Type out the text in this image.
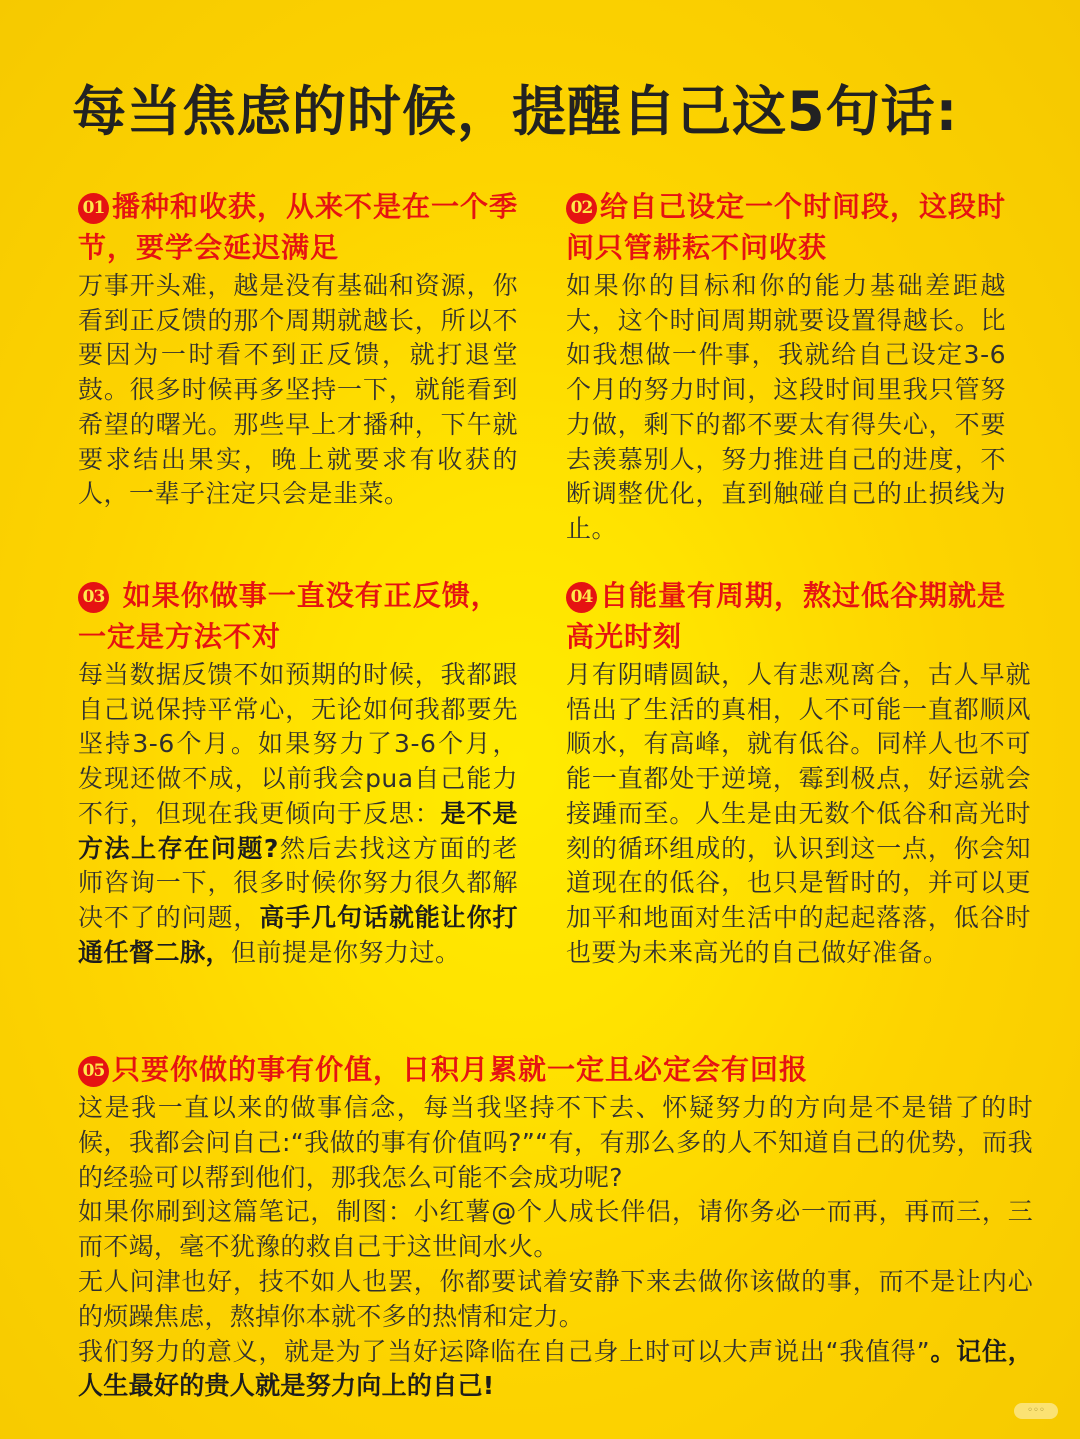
每当焦虑的时候，提醒自己这5句话:
01 播种和收获，从来不是在一个季节，要学会延迟满足
万事开头难，越是没有基础和资源，你看到正反馈的那个周期就越长，所以不要因为一时看不到正反馈，就打退堂鼓。很多时候再多坚持一下，就能看到希望的曙光。那些早上才播种，下午就要求结出果实，晚上就要求有收获的人，一辈子注定只会是韭菜。
02 给自己设定一个时间段，这段时间只管耕耘不问收获
如果你的目标和你的能力基础差距越大，这个时间周期就要设置得越长。比如我想做一件事，我就给自己设定3-6个月的努力时间，这段时间里我只管努力做，剩下的都不要太有得失心，不要去羡慕别人，努力推进自己的进度，不断调整优化，直到触碰自己的止损线为止。
03 如果你做事一直没有正反馈，一定是方法不对
每当数据反馈不如预期的时候，我都跟自己说保持平常心，无论如何我都要先坚持3-6个月。如果努力了3-6个月，发现还做不成，以前我会pua自己能力不行，但现在我更倾向于反思：是不是方法上存在问题?然后去找这方面的老师咨询一下，很多时候你努力很久都解决不了的问题，高手几句话就能让你打通任督二脉，但前提是你努力过。
04 自能量有周期，熬过低谷期就是高光时刻
月有阴晴圆缺，人有悲观离合，古人早就悟出了生活的真相，人不可能一直都顺风顺水，有高峰，就有低谷。同样人也不可能一直都处于逆境，霉到极点，好运就会接踵而至。人生是由无数个低谷和高光时刻的循环组成的，认识到这一点，你会知道现在的低谷，也只是暂时的，并可以更加平和地面对生活中的起起落落，低谷时也要为未来高光的自己做好准备。
05 只要你做的事有价值，日积月累就一定且必定会有回报
这是我一直以来的做事信念，每当我坚持不下去、怀疑努力的方向是不是错了的时候，我都会问自己:“我做的事有价值吗?”“有，有那么多的人不知道自己的优势，而我的经验可以帮到他们，那我怎么可能不会成功呢?
如果你刷到这篇笔记，制图：小红薯@个人成长伴侣，请你务必一而再，再而三，三而不竭，毫不犹豫的救自己于这世间水火。
无人问津也好，技不如人也罢，你都要试着安静下来去做你该做的事，而不是让内心的烦躁焦虑，熬掉你本就不多的热情和定力。
我们努力的意义，就是为了当好运降临在自己身上时可以大声说出“我值得”。记住，人生最好的贵人就是努力向上的自己!
◦◦◦
